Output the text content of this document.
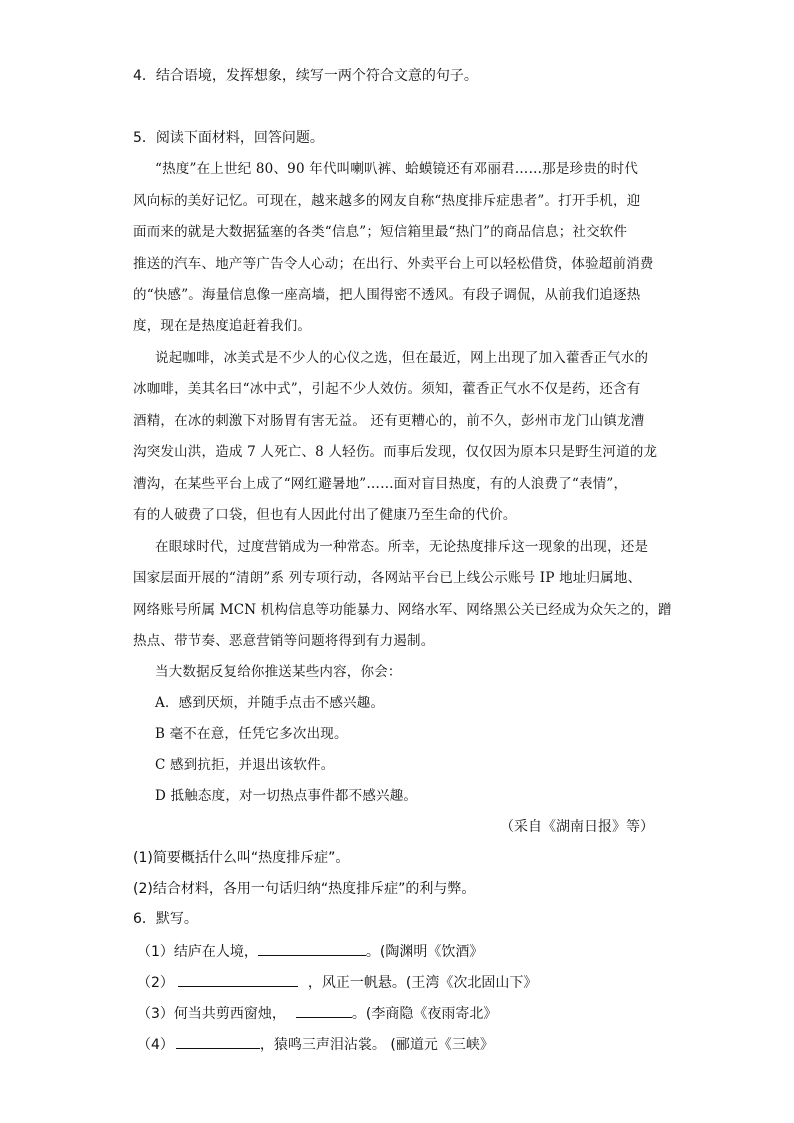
4．结合语境，发挥想象，续写一两个符合文意的句子。
5．阅读下面材料，回答问题。
“热度”在上世纪 80、90 年代叫喇叭裤、蛤蟆镜还有邓丽君……那是珍贵的时代
风向标的美好记忆。可现在，越来越多的网友自称“热度排斥症患者”。打开手机，迎
面而来的就是大数据猛塞的各类“信息”；短信箱里最“热门”的商品信息；社交软件
推送的汽车、地产等广告令人心动；在出行、外卖平台上可以轻松借贷，体验超前消费
的“快感”。海量信息像一座高墙，把人围得密不透风。有段子调侃，从前我们追逐热
度，现在是热度追赶着我们。
说起咖啡，冰美式是不少人的心仪之选，但在最近，网上出现了加入藿香正气水的
冰咖啡，美其名曰“冰中式”，引起不少人效仿。须知，藿香正气水不仅是药，还含有
酒精，在冰的刺激下对肠胃有害无益。 还有更糟心的，前不久，彭州市龙门山镇龙漕
沟突发山洪，造成 7 人死亡、8 人轻伤。而事后发现，仅仅因为原本只是野生河道的龙
漕沟，在某些平台上成了“网红避暑地”……面对盲目热度，有的人浪费了“表情”，
有的人破费了口袋，但也有人因此付出了健康乃至生命的代价。
在眼球时代，过度营销成为一种常态。所幸，无论热度排斥这一现象的出现，还是
国家层面开展的“清朗”系 列专项行动，各网站平台已上线公示账号 IP 地址归属地、
网络账号所属 MCN 机构信息等功能暴力、网络水军、网络黑公关已经成为众矢之的，蹭
热点、带节奏、恶意营销等问题将得到有力遏制。
当大数据反复给你推送某些内容，你会：
A．感到厌烦，并随手点击不感兴趣。
B 毫不在意，任凭它多次出现。
C 感到抗拒，并退出该软件。
D 抵触态度，对一切热点事件都不感兴趣。
（采自《湖南日报》等）
(1)简要概括什么叫“热度排斥症”。
(2)结合材料，各用一句话归纳“热度排斥症”的利与弊。
6．默写。
（1）结庐在人境，	。(陶渊明《饮酒》
（2）	，风正一帆悬。(王湾《次北固山下》
（3）何当共剪西窗烛，	。(李商隐《夜雨寄北》
（4）	，猿鸣三声泪沾裳。 (郦道元《三峡》
